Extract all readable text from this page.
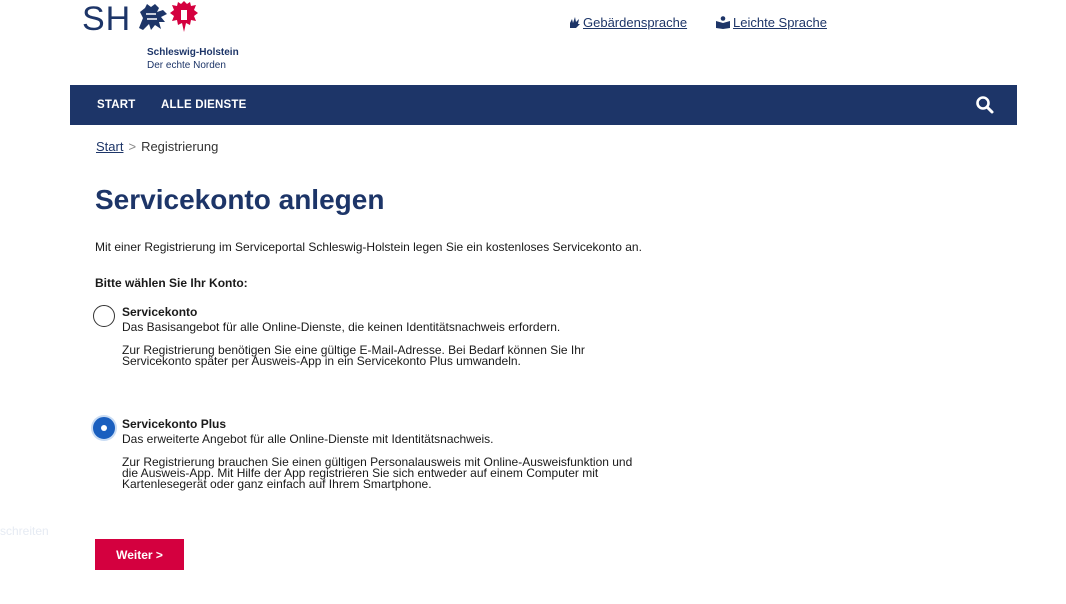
SH
Schleswig-Holstein
Der echte Norden
Gebärdensprache	Leichte Sprache
START ALLE DIENSTE
Start > Registrierung
Servicekonto anlegen

Mit einer Registrierung im Serviceportal Schleswig-Holstein legen Sie ein kostenloses Servicekonto an.

Bitte wählen Sie Ihr Konto:

Servicekonto

Das Basisangebot für alle Online-Dienste, die keinen Identitätsnachweis erfordern.

Zur Registrierung benötigen Sie eine gültige E-Mail-Adresse. Bei Bedarf können Sie Ihr Servicekonto später per Ausweis-App in ein Servicekonto Plus umwandeln.

Servicekonto Plus

Das erweiterte Angebot für alle Online-Dienste mit Identitätsnachweis.

Zur Registrierung brauchen Sie einen gültigen Personalausweis mit Online-Ausweisfunktion und die Ausweis-App. Mit Hilfe der App registrieren Sie sich entweder auf einem Computer mit Kartenlesegerät oder ganz einfach auf Ihrem Smartphone.

schreiten
Weiter >
